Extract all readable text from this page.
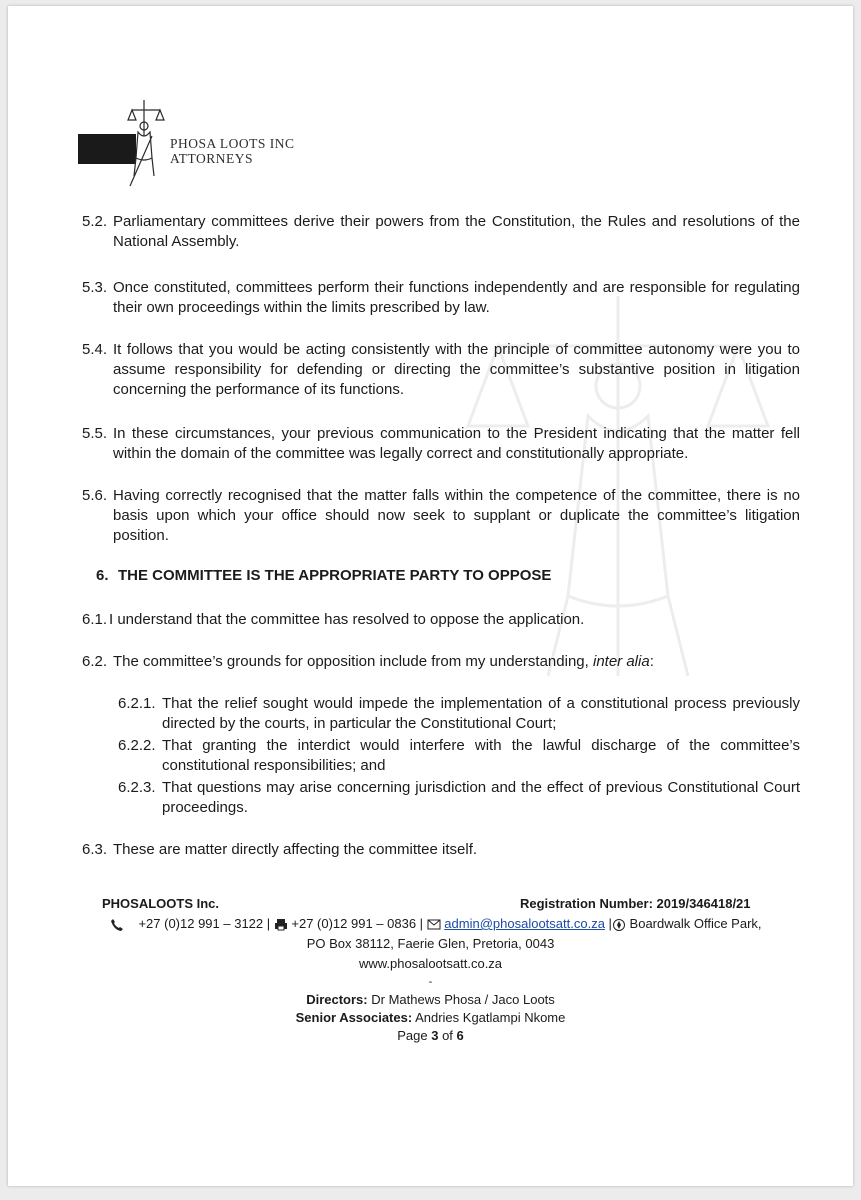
PHOSA LOOTS INC
ATTORNEYS
5.2. Parliamentary committees derive their powers from the Constitution, the Rules and resolutions of the National Assembly.
5.3. Once constituted, committees perform their functions independently and are responsible for regulating their own proceedings within the limits prescribed by law.
5.4. It follows that you would be acting consistently with the principle of committee autonomy were you to assume responsibility for defending or directing the committee’s substantive position in litigation concerning the performance of its functions.
5.5. In these circumstances, your previous communication to the President indicating that the matter fell within the domain of the committee was legally correct and constitutionally appropriate.
5.6. Having correctly recognised that the matter falls within the competence of the committee, there is no basis upon which your office should now seek to supplant or duplicate the committee’s litigation position.
6. THE COMMITTEE IS THE APPROPRIATE PARTY TO OPPOSE
6.1. I understand that the committee has resolved to oppose the application.
6.2. The committee’s grounds for opposition include from my understanding, inter alia:
6.2.1. That the relief sought would impede the implementation of a constitutional process previously directed by the courts, in particular the Constitutional Court;
6.2.2. That granting the interdict would interfere with the lawful discharge of the committee’s constitutional responsibilities; and
6.2.3. That questions may arise concerning jurisdiction and the effect of previous Constitutional Court proceedings.
6.3. These are matter directly affecting the committee itself.
PHOSALOOTS Inc.	Registration Number: 2019/346418/21
+27 (0)12 991 – 3122 |  +27 (0)12 991 – 0836 |  admin@phosalootsatt.co.za | Boardwalk Office Park,
PO Box 38112, Faerie Glen, Pretoria, 0043
www.phosalootsatt.co.za
-
Directors: Dr Mathews Phosa / Jaco Loots
Senior Associates: Andries Kgatlampi Nkome
Page 3 of 6
